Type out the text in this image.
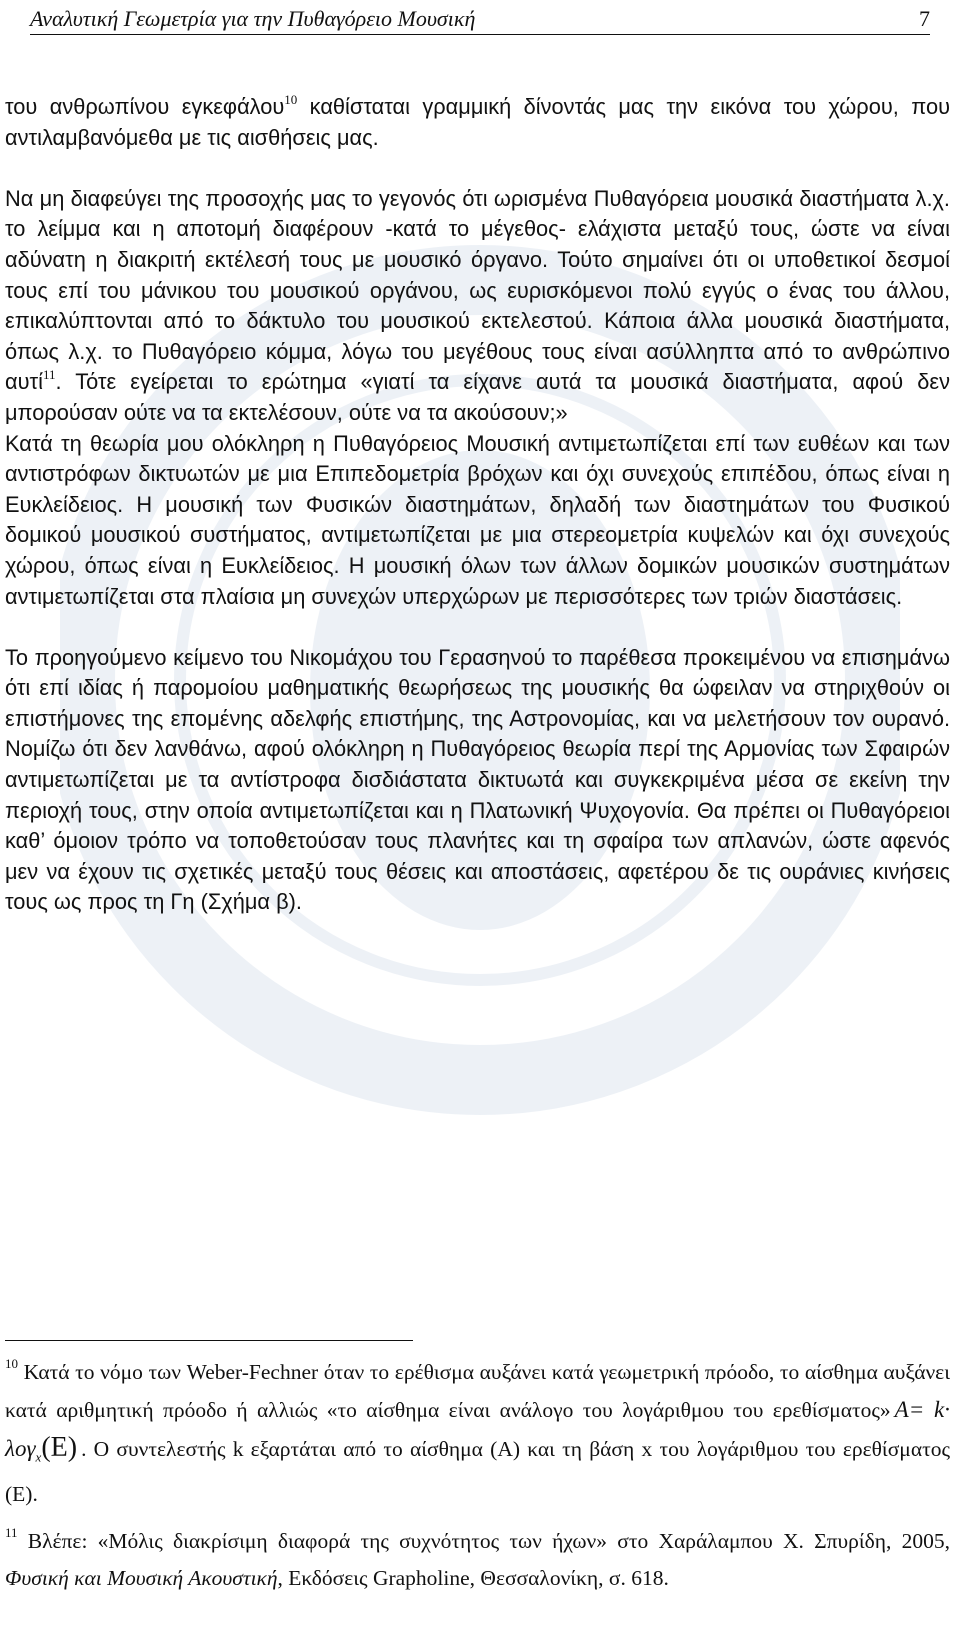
Αναλυτική Γεωμετρία για την Πυθαγόρειο Μουσική	7

του ανθρωπίνου εγκεφάλου$^{10}$ καθίσταται γραμμική δίνοντάς μας την εικόνα του χώρου, που αντιλαμβανόμεθα με τις αισθήσεις μας.

Να μη διαφεύγει της προσοχής μας το γεγονός ότι ωρισμένα Πυθαγόρεια μουσικά διαστήματα λ.χ. το λείμμα και η αποτομή διαφέρουν -κατά το μέγεθος- ελάχιστα μεταξύ τους, ώστε να είναι αδύνατη η διακριτή εκτέλεσή τους με μουσικό όργανο. Τούτο σημαίνει ότι οι υποθετικοί δεσμοί τους επί του μάνικου του μουσικού οργάνου, ως ευρισκόμενοι πολύ εγγύς ο ένας του άλλου, επικαλύπτονται από το δάκτυλο του μουσικού εκτελεστού. Κάποια άλλα μουσικά διαστήματα, όπως λ.χ. το Πυθαγόρειο κόμμα, λόγω του μεγέθους τους είναι ασύλληπτα από το ανθρώπινο αυτί$^{11}$. Τότε εγείρεται το ερώτημα «γιατί τα είχανε αυτά τα μουσικά διαστήματα, αφού δεν μπορούσαν ούτε να τα εκτελέσουν, ούτε να τα ακούσουν;»

Κατά τη θεωρία μου ολόκληρη η Πυθαγόρειος Μουσική αντιμετωπίζεται επί των ευθέων και των αντιστρόφων δικτυωτών με μια Επιπεδομετρία βρόχων και όχι συνεχούς επιπέδου, όπως είναι η Ευκλείδειος. Η μουσική των Φυσικών διαστημάτων, δηλαδή των διαστημάτων του Φυσικού δομικού μουσικού συστήματος, αντιμετωπίζεται με μια στερεομετρία κυψελών και όχι συνεχούς χώρου, όπως είναι η Ευκλείδειος. Η μουσική όλων των άλλων δομικών μουσικών συστημάτων αντιμετωπίζεται στα πλαίσια μη συνεχών υπερχώρων με περισσότερες των τριών διαστάσεις.

Το προηγούμενο κείμενο του Νικομάχου του Γερασηνού το παρέθεσα προκειμένου να επισημάνω ότι επί ιδίας ή παρομοίου μαθηματικής θεωρήσεως της μουσικής θα ώφειλαν να στηριχθούν οι επιστήμονες της επομένης αδελφής επιστήμης, της Αστρονομίας, και να μελετήσουν τον ουρανό. Νομίζω ότι δεν λανθάνω, αφού ολόκληρη η Πυθαγόρειος θεωρία περί της Αρμονίας των Σφαιρών αντιμετωπίζεται με τα αντίστροφα δισδιάστατα δικτυωτά και συγκεκριμένα μέσα σε εκείνη την περιοχή τους, στην οποία αντιμετωπίζεται και η Πλατωνική Ψυχογονία. Θα πρέπει οι Πυθαγόρειοι καθ’ όμοιον τρόπο να τοποθετούσαν τους πλανήτες και τη σφαίρα των απλανών, ώστε αφενός μεν να έχουν τις σχετικές μεταξύ τους θέσεις και αποστάσεις, αφετέρου δε τις ουράνιες κινήσεις τους ως προς τη Γη (Σχήμα β).

$^{10}$ Κατά το νόμο των Weber-Fechner όταν το ερέθισμα αυξάνει κατά γεωμετρική πρόοδο, το αίσθημα αυξάνει κατά αριθμητική πρόοδο ή αλλιώς «το αίσθημα είναι ανάλογο του λογάριθμου του ερεθίσματος» A= k· λογ$_x$(Ε) . Ο συντελεστής k εξαρτάται από το αίσθημα (Α) και τη βάση x του λογάριθμου του ερεθίσματος (Ε).

$^{11}$ Βλέπε: «Μόλις διακρίσιμη διαφορά της συχνότητος των ήχων» στο Χαράλαμπου Χ. Σπυρίδη, 2005, Φυσική και Μουσική Ακουστική, Εκδόσεις Grapholine, Θεσσαλονίκη, σ. 618.
